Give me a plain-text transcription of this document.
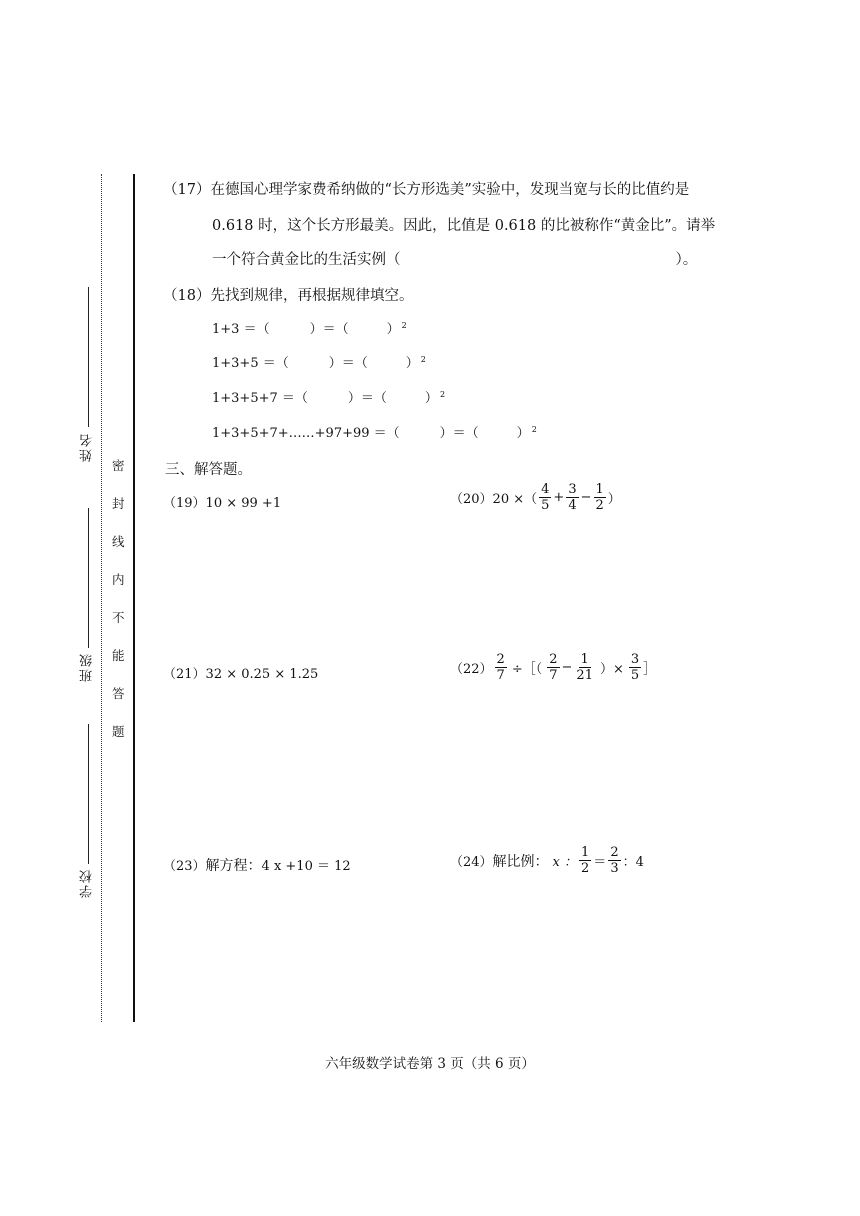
姓名
班级
学校
密
封
线
内
不
能
答
题
（17）在德国心理学家费希纳做的“长方形选美”实验中，发现当宽与长的比值约是
0.618 时，这个长方形最美。因此，比值是 0.618 的比被称作“黄金比”。请举
一个符合黄金比的生活实例（	）。
（18）先找到规律，再根据规律填空。
1+3 ＝（	）＝（	） $^2$
1+3+5 ＝（	）＝（	） $^2$
1+3+5+7 ＝（	）＝（	） $^2$
1+3+5+7+……+97+99 ＝（	）＝（	） $^2$
三、解答题。
（19）10 × 99 +1	（20） 20 ×（ $\frac{4}{5} + \frac{3}{4} - \frac{1}{2}$ ）
（21）32 × 0.25 × 1.25	$(22) \frac{2}{7}$ ÷［（ $\frac{2}{7} - \frac{1}{21}$ ）× $\frac{3}{5}$ ］
（23）解方程：4 x +10 ＝ 12	（24） 解比例： x ： $\frac{1}{2} = \frac{2}{3}$ ：4
六年级数学试卷第 3 页（共 6 页）
